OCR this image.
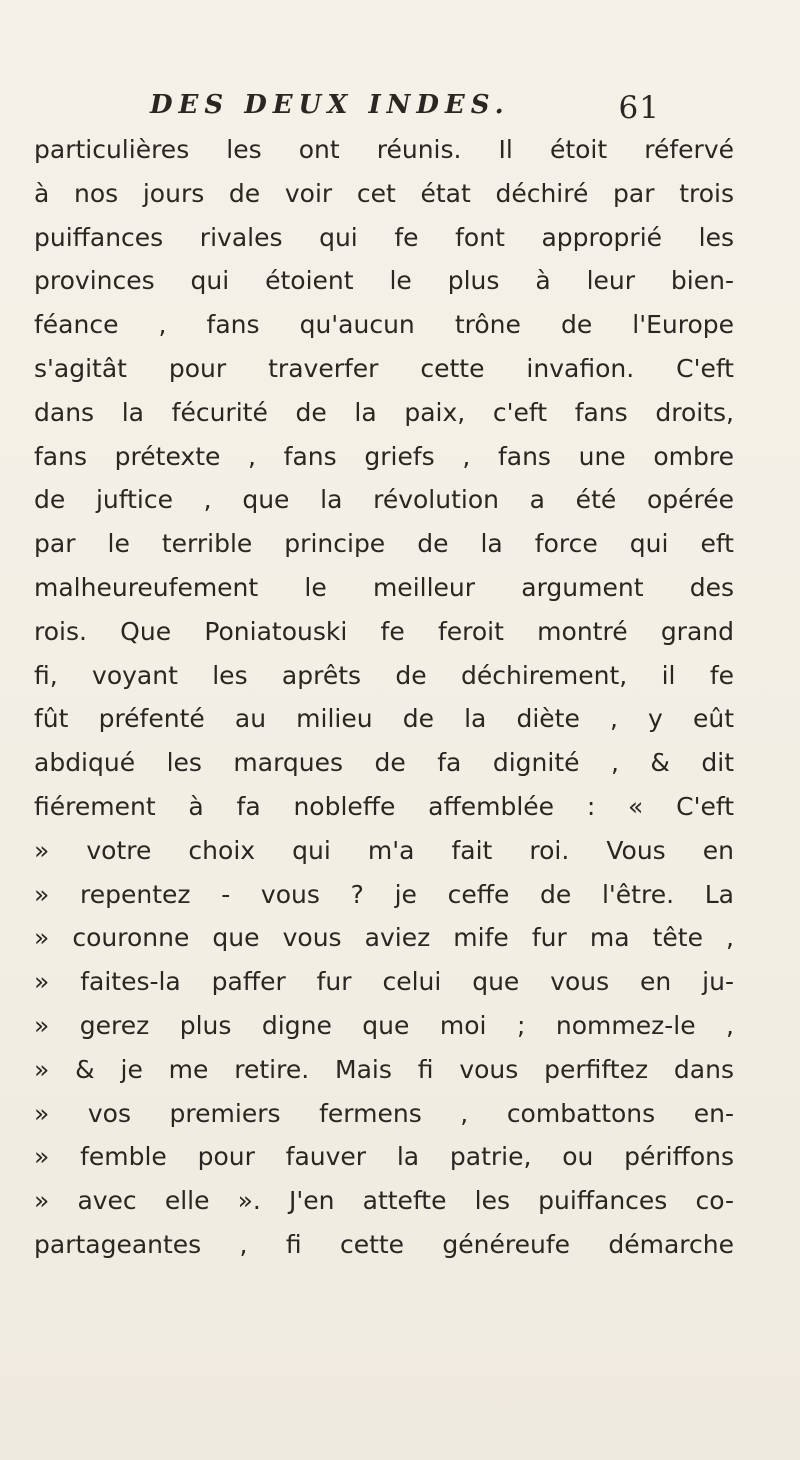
DES DEUX INDES.	61
particulières les ont réunis. Il étoit réfervé
à nos jours de voir cet état déchiré par trois
puiffances rivales qui fe font approprié les
provinces qui étoient le plus à leur bien-
féance , fans qu'aucun trône de l'Europe
s'agitât pour traverfer cette invafion. C'eft
dans la fécurité de la paix, c'eft fans droits,
fans prétexte , fans griefs , fans une ombre
de juftice , que la révolution a été opérée
par le terrible principe de la force qui eft
malheureufement le meilleur argument des
rois. Que Poniatouski fe feroit montré grand
fi, voyant les aprêts de déchirement, il fe
fût préfenté au milieu de la diète , y eût
abdiqué les marques de fa dignité , & dit
fiérement à fa nobleffe affemblée : « C'eft
» votre choix qui m'a fait roi. Vous en
» repentez - vous ? je ceffe de l'être. La
» couronne que vous aviez mife fur ma tête ,
» faites-la paffer fur celui que vous en ju-
» gerez plus digne que moi ; nommez-le ,
» & je me retire. Mais fi vous perfiftez dans
» vos premiers fermens , combattons en-
» femble pour fauver la patrie, ou périffons
» avec elle ». J'en attefte les puiffances co-
partageantes , fi cette généreufe démarche
